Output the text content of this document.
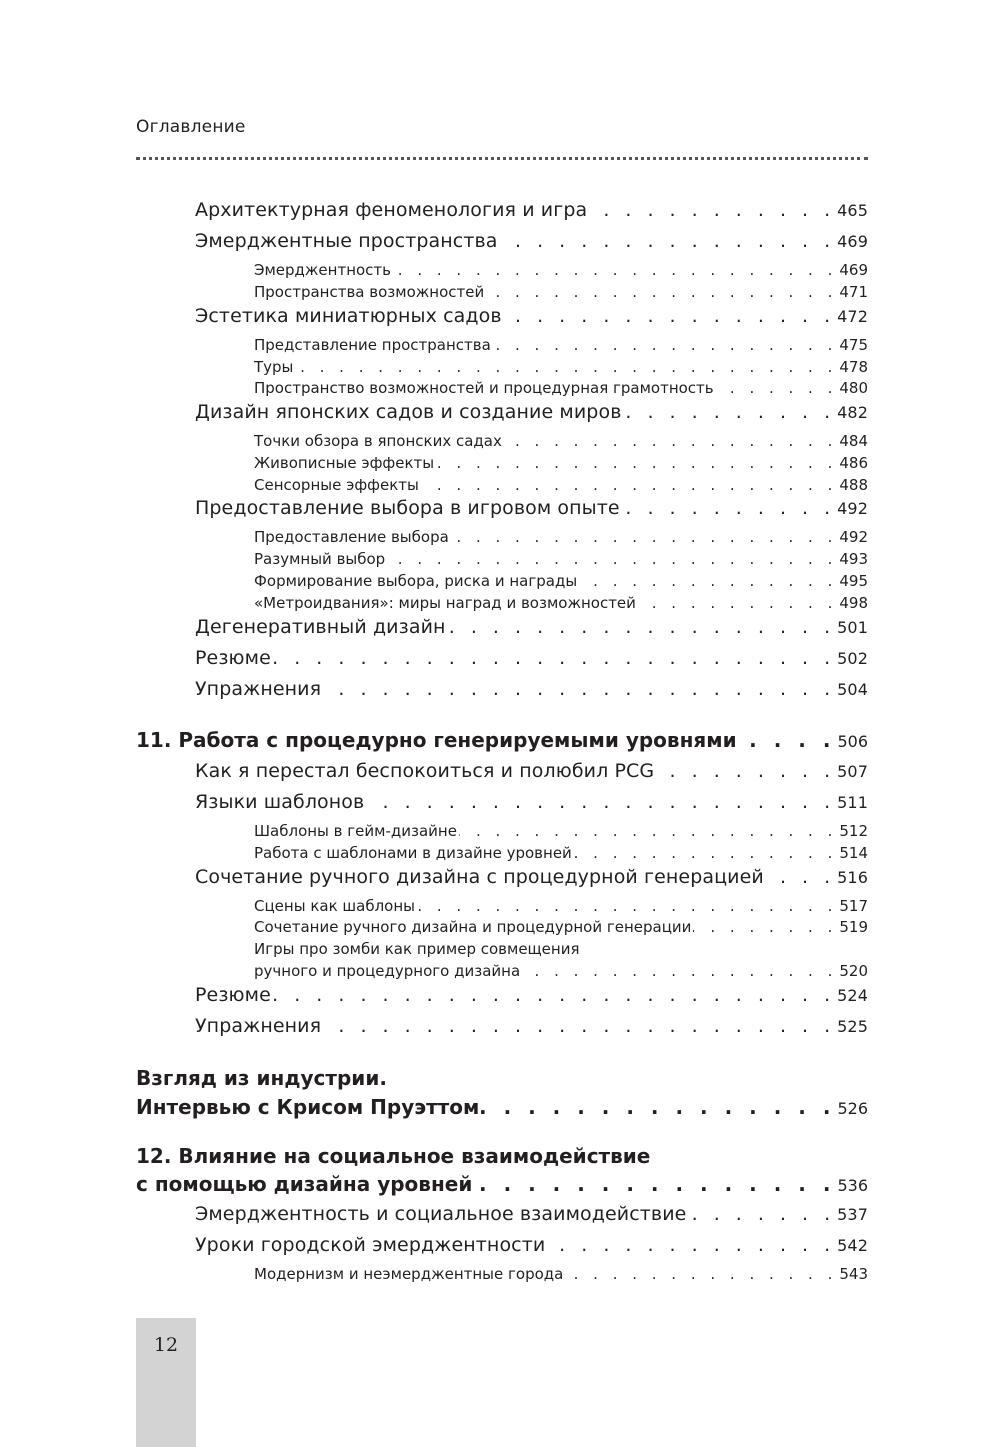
Оглавление
Архитектурная феноменология и игра . . .	465
Эмерджентные пространства . . .	469
Эмерджентность . . .	469
Пространства возможностей . . .	471
Эстетика миниатюрных садов . . .	472
Представление пространства . . .	475
Туры . . .	478
Пространство возможностей и процедурная грамотность . . .	480
Дизайн японских садов и создание миров . . .	482
Точки обзора в японских садах . . .	484
Живописные эффекты . . .	486
Сенсорные эффекты . . .	488
Предоставление выбора в игровом опыте . . .	492
Предоставление выбора . . .	492
Разумный выбор . . .	493
Формирование выбора, риска и награды . . .	495
«Метроидвания»: миры наград и возможностей . . .	498
Дегенеративный дизайн . . .	501
Резюме . . .	502
Упражнения . . .	504
11. Работа с процедурно генерируемыми уровнями . . .	506
Как я перестал беспокоиться и полюбил PCG . . .	507
Языки шаблонов . . .	511
Шаблоны в гейм-дизайне . . .	512
Работа с шаблонами в дизайне уровней . . .	514
Сочетание ручного дизайна с процедурной генерацией . . .	516
Сцены как шаблоны . . .	517
Сочетание ручного дизайна и процедурной генерации . . .	519
Игры про зомби как пример совмещения
ручного и процедурного дизайна . . .	520
Резюме . . .	524
Упражнения . . .	525
Взгляд из индустрии.
Интервью с Крисом Пруэттом . . .	526
12. Влияние на социальное взаимодействие
с помощью дизайна уровней . . .	536
Эмерджентность и социальное взаимодействие . . .	537
Уроки городской эмерджентности . . .	542
Модернизм и неэмерджентные города . . .	543
12
